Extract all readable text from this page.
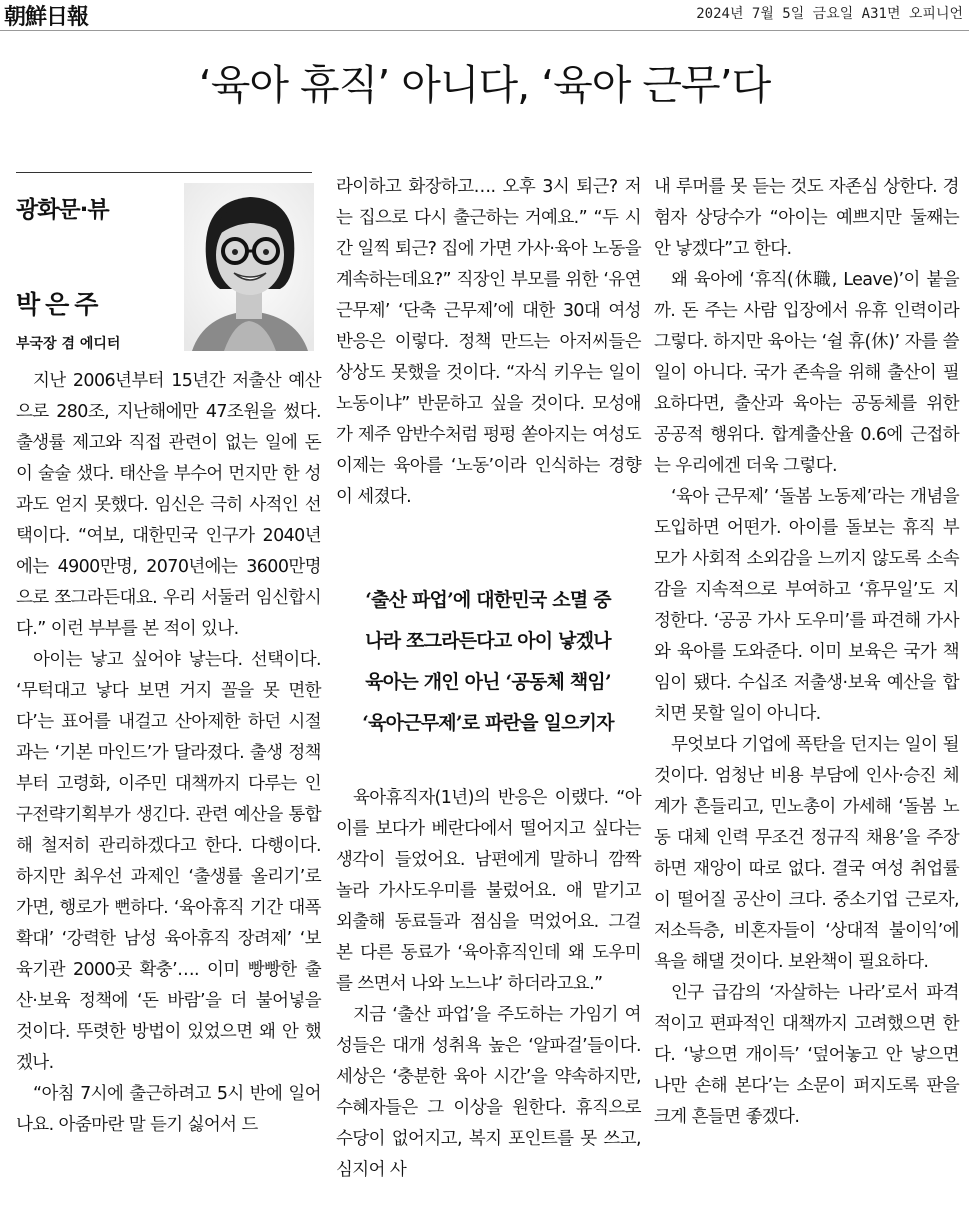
朝鮮日報	2024년 7월 5일 금요일 A31면 오피니언
‘육아 휴직’ 아니다, ‘육아 근무’다
광화문·뷰
박은주
부국장 겸 에디터

지난 2006년부터 15년간 저출산 예산으로 280조, 지난해에만 47조원을 썼다. 출생률 제고와 직접 관련이 없는 일에 돈이 술술 샜다. 태산을 부수어 먼지만 한 성과도 얻지 못했다. 임신은 극히 사적인 선택이다. “여보, 대한민국 인구가 2040년에는 4900만명, 2070년에는 3600만명으로 쪼그라든대요. 우리 서둘러 임신합시다.” 이런 부부를 본 적이 있나.

아이는 낳고 싶어야 낳는다. 선택이다. ‘무턱대고 낳다 보면 거지 꼴을 못 면한다’는 표어를 내걸고 산아제한 하던 시절과는 ‘기본 마인드’가 달라졌다. 출생 정책부터 고령화, 이주민 대책까지 다루는 인구전략기획부가 생긴다. 관련 예산을 통합해 철저히 관리하겠다고 한다. 다행이다. 하지만 최우선 과제인 ‘출생률 올리기’로 가면, 행로가 뻔하다. ‘육아휴직 기간 대폭 확대’ ‘강력한 남성 육아휴직 장려제’ ‘보육기관 2000곳 확충’…. 이미 빵빵한 출산·보육 정책에 ‘돈 바람’을 더 불어넣을 것이다. 뚜렷한 방법이 있었으면 왜 안 했겠나.

“아침 7시에 출근하려고 5시 반에 일어나요. 아줌마란 말 듣기 싫어서 드

라이하고 화장하고…. 오후 3시 퇴근? 저는 집으로 다시 출근하는 거예요.” “두 시간 일찍 퇴근? 집에 가면 가사·육아 노동을 계속하는데요?” 직장인 부모를 위한 ‘유연 근무제’ ‘단축 근무제’에 대한 30대 여성 반응은 이렇다. 정책 만드는 아저씨들은 상상도 못했을 것이다. “자식 키우는 일이 노동이냐” 반문하고 싶을 것이다. 모성애가 제주 암반수처럼 펑펑 쏟아지는 여성도 이제는 육아를 ‘노동’이라 인식하는 경향이 세졌다.

‘출산 파업’에 대한민국 소멸 중
나라 쪼그라든다고 아이 낳겠나
육아는 개인 아닌 ‘공동체 책임’
‘육아근무제’로 파란을 일으키자

육아휴직자(1년)의 반응은 이랬다. “아이를 보다가 베란다에서 떨어지고 싶다는 생각이 들었어요. 남편에게 말하니 깜짝 놀라 가사도우미를 불렀어요. 애 맡기고 외출해 동료들과 점심을 먹었어요. 그걸 본 다른 동료가 ‘육아휴직인데 왜 도우미를 쓰면서 나와 노느냐’ 하더라고요.”

지금 ‘출산 파업’을 주도하는 가임기 여성들은 대개 성취욕 높은 ‘알파걸’들이다. 세상은 ‘충분한 육아 시간’을 약속하지만, 수혜자들은 그 이상을 원한다. 휴직으로 수당이 없어지고, 복지 포인트를 못 쓰고, 심지어 사

내 루머를 못 듣는 것도 자존심 상한다. 경험자 상당수가 “아이는 예쁘지만 둘째는 안 낳겠다”고 한다.

왜 육아에 ‘휴직(休職, Leave)’이 붙을까. 돈 주는 사람 입장에서 유휴 인력이라 그렇다. 하지만 육아는 ‘쉴 휴(休)’ 자를 쓸 일이 아니다. 국가 존속을 위해 출산이 필요하다면, 출산과 육아는 공동체를 위한 공공적 행위다. 합계출산율 0.6에 근접하는 우리에겐 더욱 그렇다.

‘육아 근무제’ ‘돌봄 노동제’라는 개념을 도입하면 어떤가. 아이를 돌보는 휴직 부모가 사회적 소외감을 느끼지 않도록 소속감을 지속적으로 부여하고 ‘휴무일’도 지정한다. ‘공공 가사 도우미’를 파견해 가사와 육아를 도와준다. 이미 보육은 국가 책임이 됐다. 수십조 저출생·보육 예산을 합치면 못할 일이 아니다.

무엇보다 기업에 폭탄을 던지는 일이 될 것이다. 엄청난 비용 부담에 인사·승진 체계가 흔들리고, 민노총이 가세해 ‘돌봄 노동 대체 인력 무조건 정규직 채용’을 주장하면 재앙이 따로 없다. 결국 여성 취업률이 떨어질 공산이 크다. 중소기업 근로자, 저소득층, 비혼자들이 ‘상대적 불이익’에 욕을 해댈 것이다. 보완책이 필요하다.

인구 급감의 ‘자살하는 나라’로서 파격적이고 편파적인 대책까지 고려했으면 한다. ‘낳으면 개이득’ ‘덮어놓고 안 낳으면 나만 손해 본다’는 소문이 퍼지도록 판을 크게 흔들면 좋겠다.
